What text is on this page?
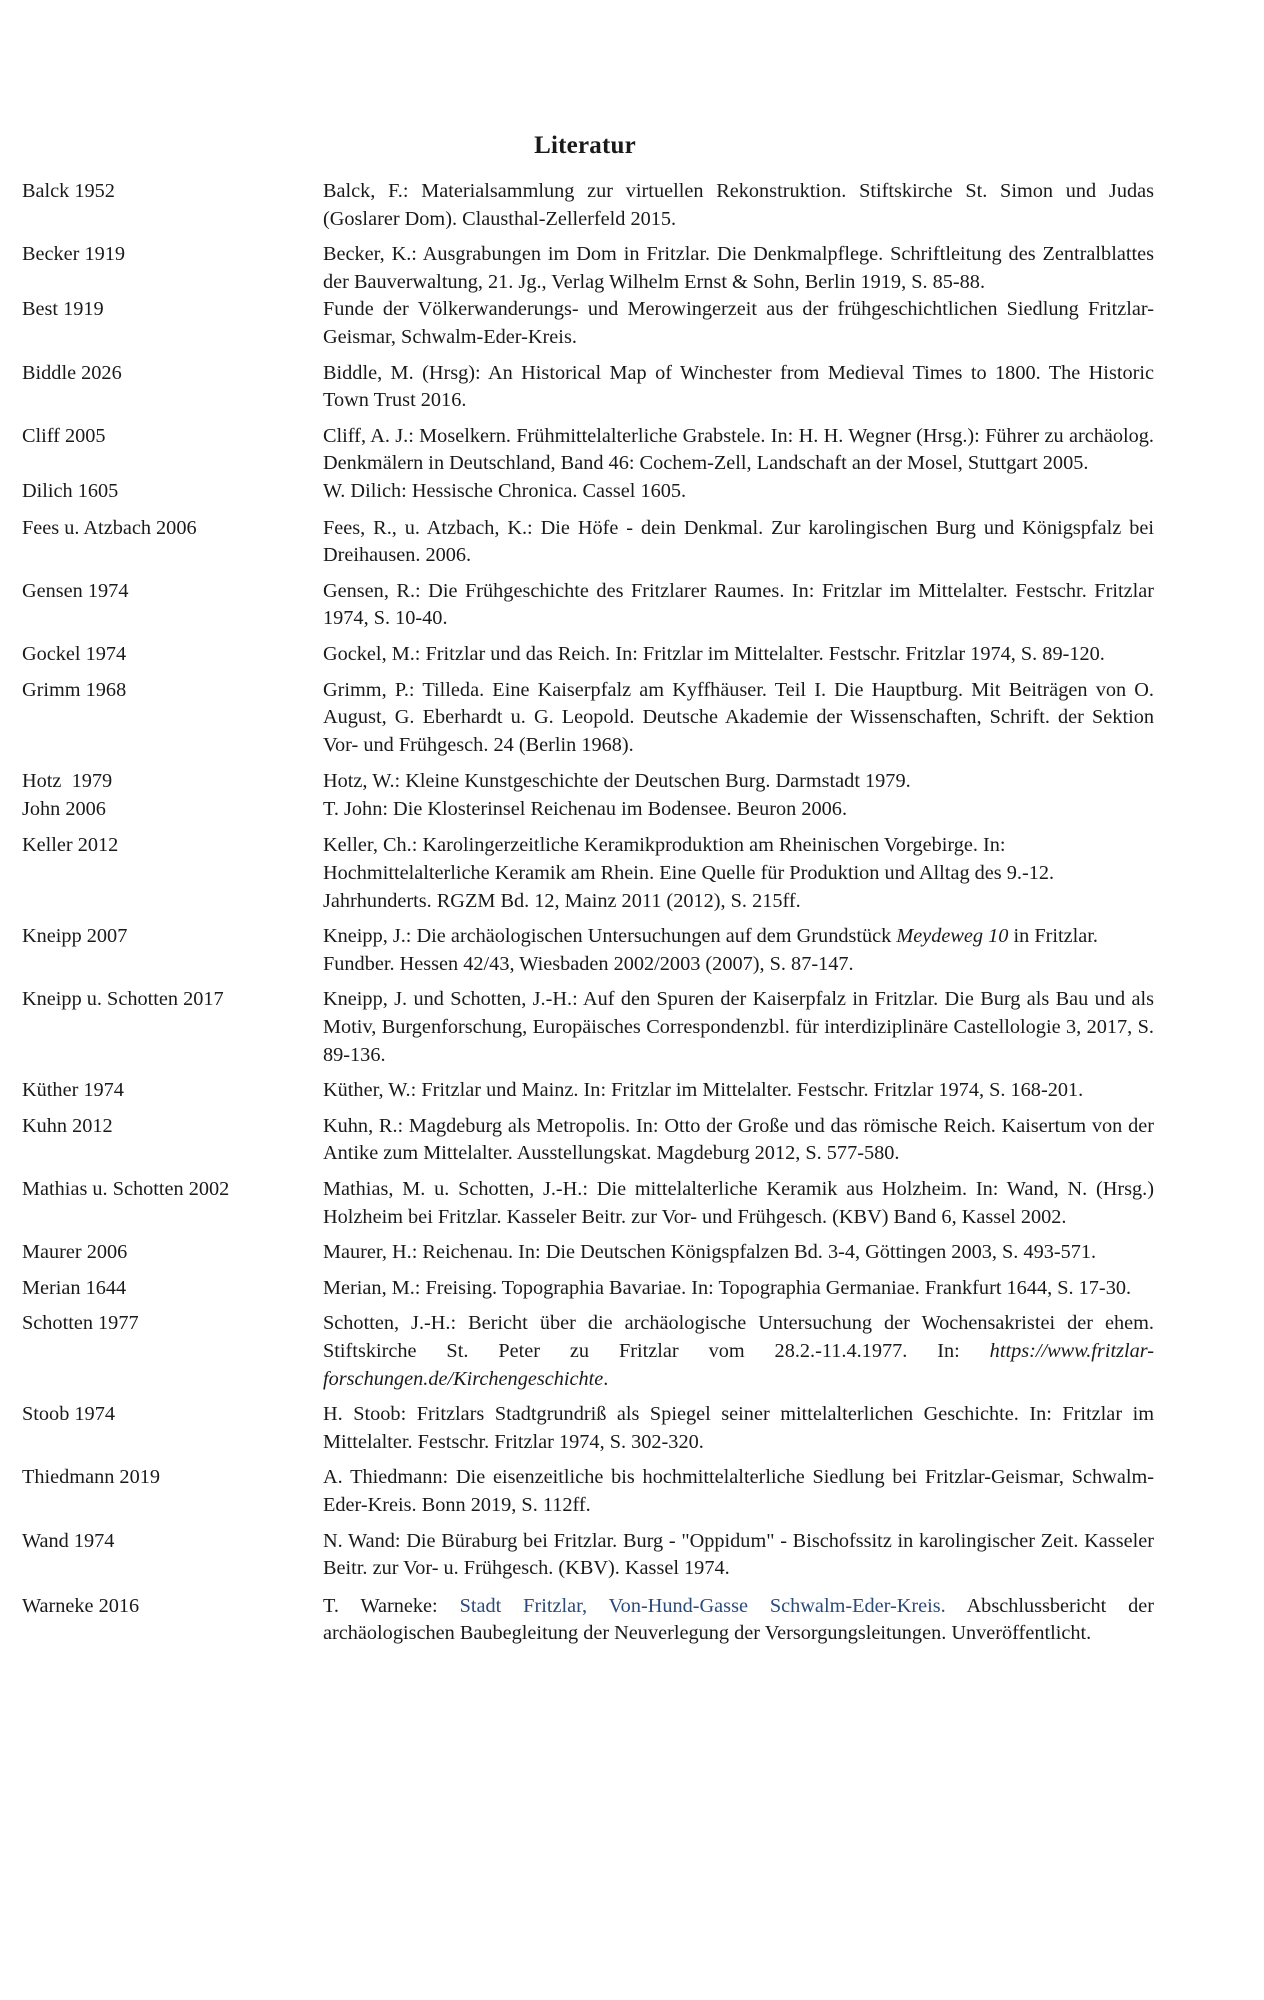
Literatur
Balck 1952	Balck, F.: Materialsammlung zur virtuellen Rekonstruktion. Stiftskirche St. Simon und Judas (Goslarer Dom). Clausthal-Zellerfeld 2015.
Becker 1919	Becker, K.: Ausgrabungen im Dom in Fritzlar. Die Denkmalpflege. Schriftleitung des Zentralblattes der Bauverwaltung, 21. Jg., Verlag Wilhelm Ernst & Sohn, Berlin 1919, S. 85-88.
Best 1919	Funde der Völkerwanderungs- und Merowingerzeit aus der frühgeschichtlichen Siedlung Fritzlar-Geismar, Schwalm-Eder-Kreis.
Biddle 2026	Biddle, M. (Hrsg): An Historical Map of Winchester from Medieval Times to 1800. The Historic Town Trust 2016.
Cliff 2005	Cliff, A. J.: Moselkern. Frühmittelalterliche Grabstele. In: H. H. Wegner (Hrsg.): Führer zu archäolog. Denkmälern in Deutschland, Band 46: Cochem-Zell, Landschaft an der Mosel, Stuttgart 2005.
Dilich 1605	W. Dilich: Hessische Chronica. Cassel 1605.
Fees u. Atzbach 2006	Fees, R., u. Atzbach, K.: Die Höfe - dein Denkmal. Zur karolingischen Burg und Königspfalz bei Dreihausen. 2006.
Gensen 1974	Gensen, R.: Die Frühgeschichte des Fritzlarer Raumes. In: Fritzlar im Mittelalter. Festschr. Fritzlar 1974, S. 10-40.
Gockel 1974	Gockel, M.: Fritzlar und das Reich. In: Fritzlar im Mittelalter. Festschr. Fritzlar 1974, S. 89-120.
Grimm 1968	Grimm, P.: Tilleda. Eine Kaiserpfalz am Kyffhäuser. Teil I. Die Hauptburg. Mit Beiträgen von O. August, G. Eberhardt u. G. Leopold. Deutsche Akademie der Wissenschaften, Schrift. der Sektion Vor- und Frühgesch. 24 (Berlin 1968).
Hotz  1979	Hotz, W.: Kleine Kunstgeschichte der Deutschen Burg. Darmstadt 1979.
John 2006	T. John: Die Klosterinsel Reichenau im Bodensee. Beuron 2006.
Keller 2012	Keller, Ch.: Karolingerzeitliche Keramikproduktion am Rheinischen Vorgebirge. In: Hochmittelalterliche Keramik am Rhein. Eine Quelle für Produktion und Alltag des 9.-12. Jahrhunderts. RGZM Bd. 12, Mainz 2011 (2012), S. 215ff.
Kneipp 2007	Kneipp, J.: Die archäologischen Untersuchungen auf dem Grundstück Meydeweg 10 in Fritzlar. Fundber. Hessen 42/43, Wiesbaden 2002/2003 (2007), S. 87-147.
Kneipp u. Schotten 2017	Kneipp, J. und Schotten, J.-H.: Auf den Spuren der Kaiserpfalz in Fritzlar. Die Burg als Bau und als Motiv, Burgenforschung, Europäisches Correspondenzbl. für interdiziplinäre Castellologie 3, 2017, S. 89-136.
Küther 1974	Küther, W.: Fritzlar und Mainz. In: Fritzlar im Mittelalter. Festschr. Fritzlar 1974, S. 168-201.
Kuhn 2012	Kuhn, R.: Magdeburg als Metropolis. In: Otto der Große und das römische Reich. Kaisertum von der Antike zum Mittelalter. Ausstellungskat. Magdeburg 2012, S. 577-580.
Mathias u. Schotten 2002	Mathias, M. u. Schotten, J.-H.: Die mittelalterliche Keramik aus Holzheim. In: Wand, N. (Hrsg.) Holzheim bei Fritzlar. Kasseler Beitr. zur Vor- und Frühgesch. (KBV) Band 6, Kassel 2002.
Maurer 2006	Maurer, H.: Reichenau. In: Die Deutschen Königspfalzen Bd. 3-4, Göttingen 2003, S. 493-571.
Merian 1644	Merian, M.: Freising. Topographia Bavariae. In: Topographia Germaniae. Frankfurt 1644, S. 17-30.
Schotten 1977	Schotten, J.-H.: Bericht über die archäologische Untersuchung der Wochensakristei der ehem. Stiftskirche St. Peter zu Fritzlar vom 28.2.-11.4.1977. In: https://www.fritzlar-forschungen.de/Kirchengeschichte.
Stoob 1974	H. Stoob: Fritzlars Stadtgrundriß als Spiegel seiner mittelalterlichen Geschichte. In: Fritzlar im Mittelalter. Festschr. Fritzlar 1974, S. 302-320.
Thiedmann 2019	A. Thiedmann: Die eisenzeitliche bis hochmittelalterliche Siedlung bei Fritzlar-Geismar, Schwalm-Eder-Kreis. Bonn 2019, S. 112ff.
Wand 1974	N. Wand: Die Büraburg bei Fritzlar. Burg - "Oppidum" - Bischofssitz in karolingischer Zeit. Kasseler Beitr. zur Vor- u. Frühgesch. (KBV). Kassel 1974.
Warneke 2016	T. Warneke: Stadt Fritzlar, Von-Hund-Gasse Schwalm-Eder-Kreis. Abschlussbericht der archäologischen Baubegleitung der Neuverlegung der Versorgungsleitungen. Unveröffentlicht.
